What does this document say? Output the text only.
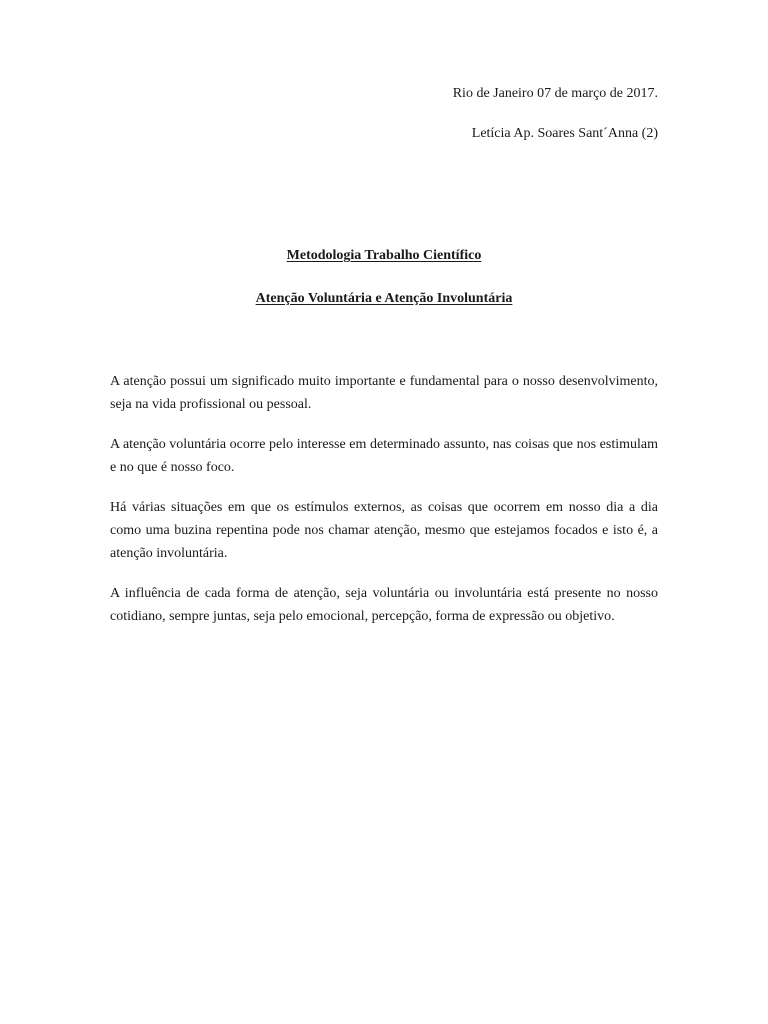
Rio de Janeiro 07 de março de 2017.
Letícia Ap. Soares Sant´Anna (2)
Metodologia Trabalho Científico
Atenção Voluntária e Atenção Involuntária

A atenção possui um significado muito importante e fundamental para o nosso desenvolvimento, seja na vida profissional ou pessoal.

A atenção voluntária ocorre pelo interesse em determinado assunto, nas coisas que nos estimulam e no que é nosso foco.

Há várias situações em que os estímulos externos, as coisas que ocorrem em nosso dia a dia como uma buzina repentina pode nos chamar atenção, mesmo que estejamos focados e isto é, a atenção involuntária.

A influência de cada forma de atenção, seja voluntária ou involuntária está presente no nosso cotidiano, sempre juntas, seja pelo emocional, percepção, forma de expressão ou objetivo.
